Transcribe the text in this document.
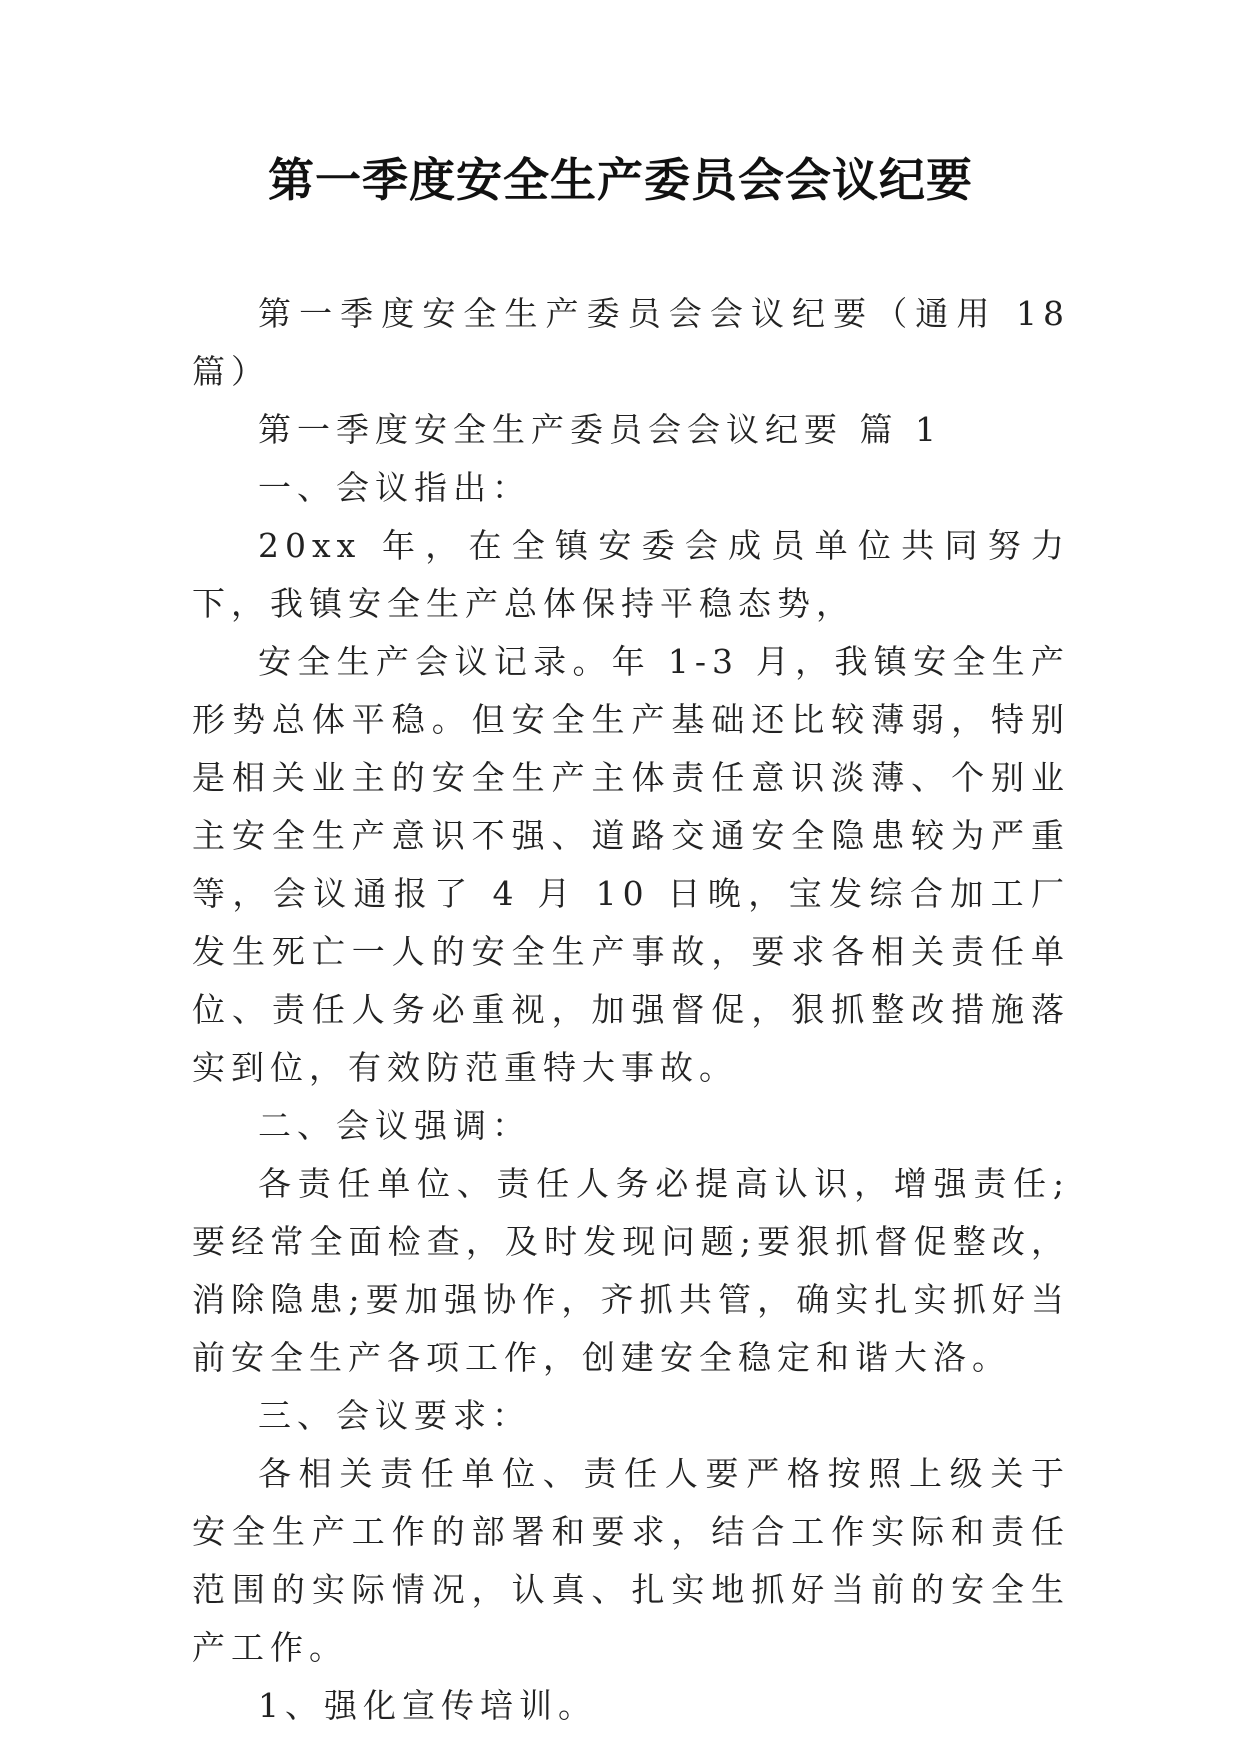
第一季度安全生产委员会会议纪要

第一季度安全生产委员会会议纪要（通用 18 篇）

第一季度安全生产委员会会议纪要 篇 1

一、会议指出：

20xx 年，在全镇安委会成员单位共同努力下，我镇安全生产总体保持平稳态势，

安全生产会议记录。年 1-3 月，我镇安全生产形势总体平稳。但安全生产基础还比较薄弱，特别是相关业主的安全生产主体责任意识淡薄、个别业主安全生产意识不强、道路交通安全隐患较为严重等，会议通报了 4 月 10 日晚，宝发综合加工厂发生死亡一人的安全生产事故，要求各相关责任单位、责任人务必重视，加强督促，狠抓整改措施落实到位，有效防范重特大事故。

二、会议强调：

各责任单位、责任人务必提高认识，增强责任;要经常全面检查，及时发现问题;要狠抓督促整改，消除隐患;要加强协作，齐抓共管，确实扎实抓好当前安全生产各项工作，创建安全稳定和谐大洛。

三、会议要求：

各相关责任单位、责任人要严格按照上级关于安全生产工作的部署和要求，结合工作实际和责任范围的实际情况，认真、扎实地抓好当前的安全生产工作。

1、强化宣传培训。
